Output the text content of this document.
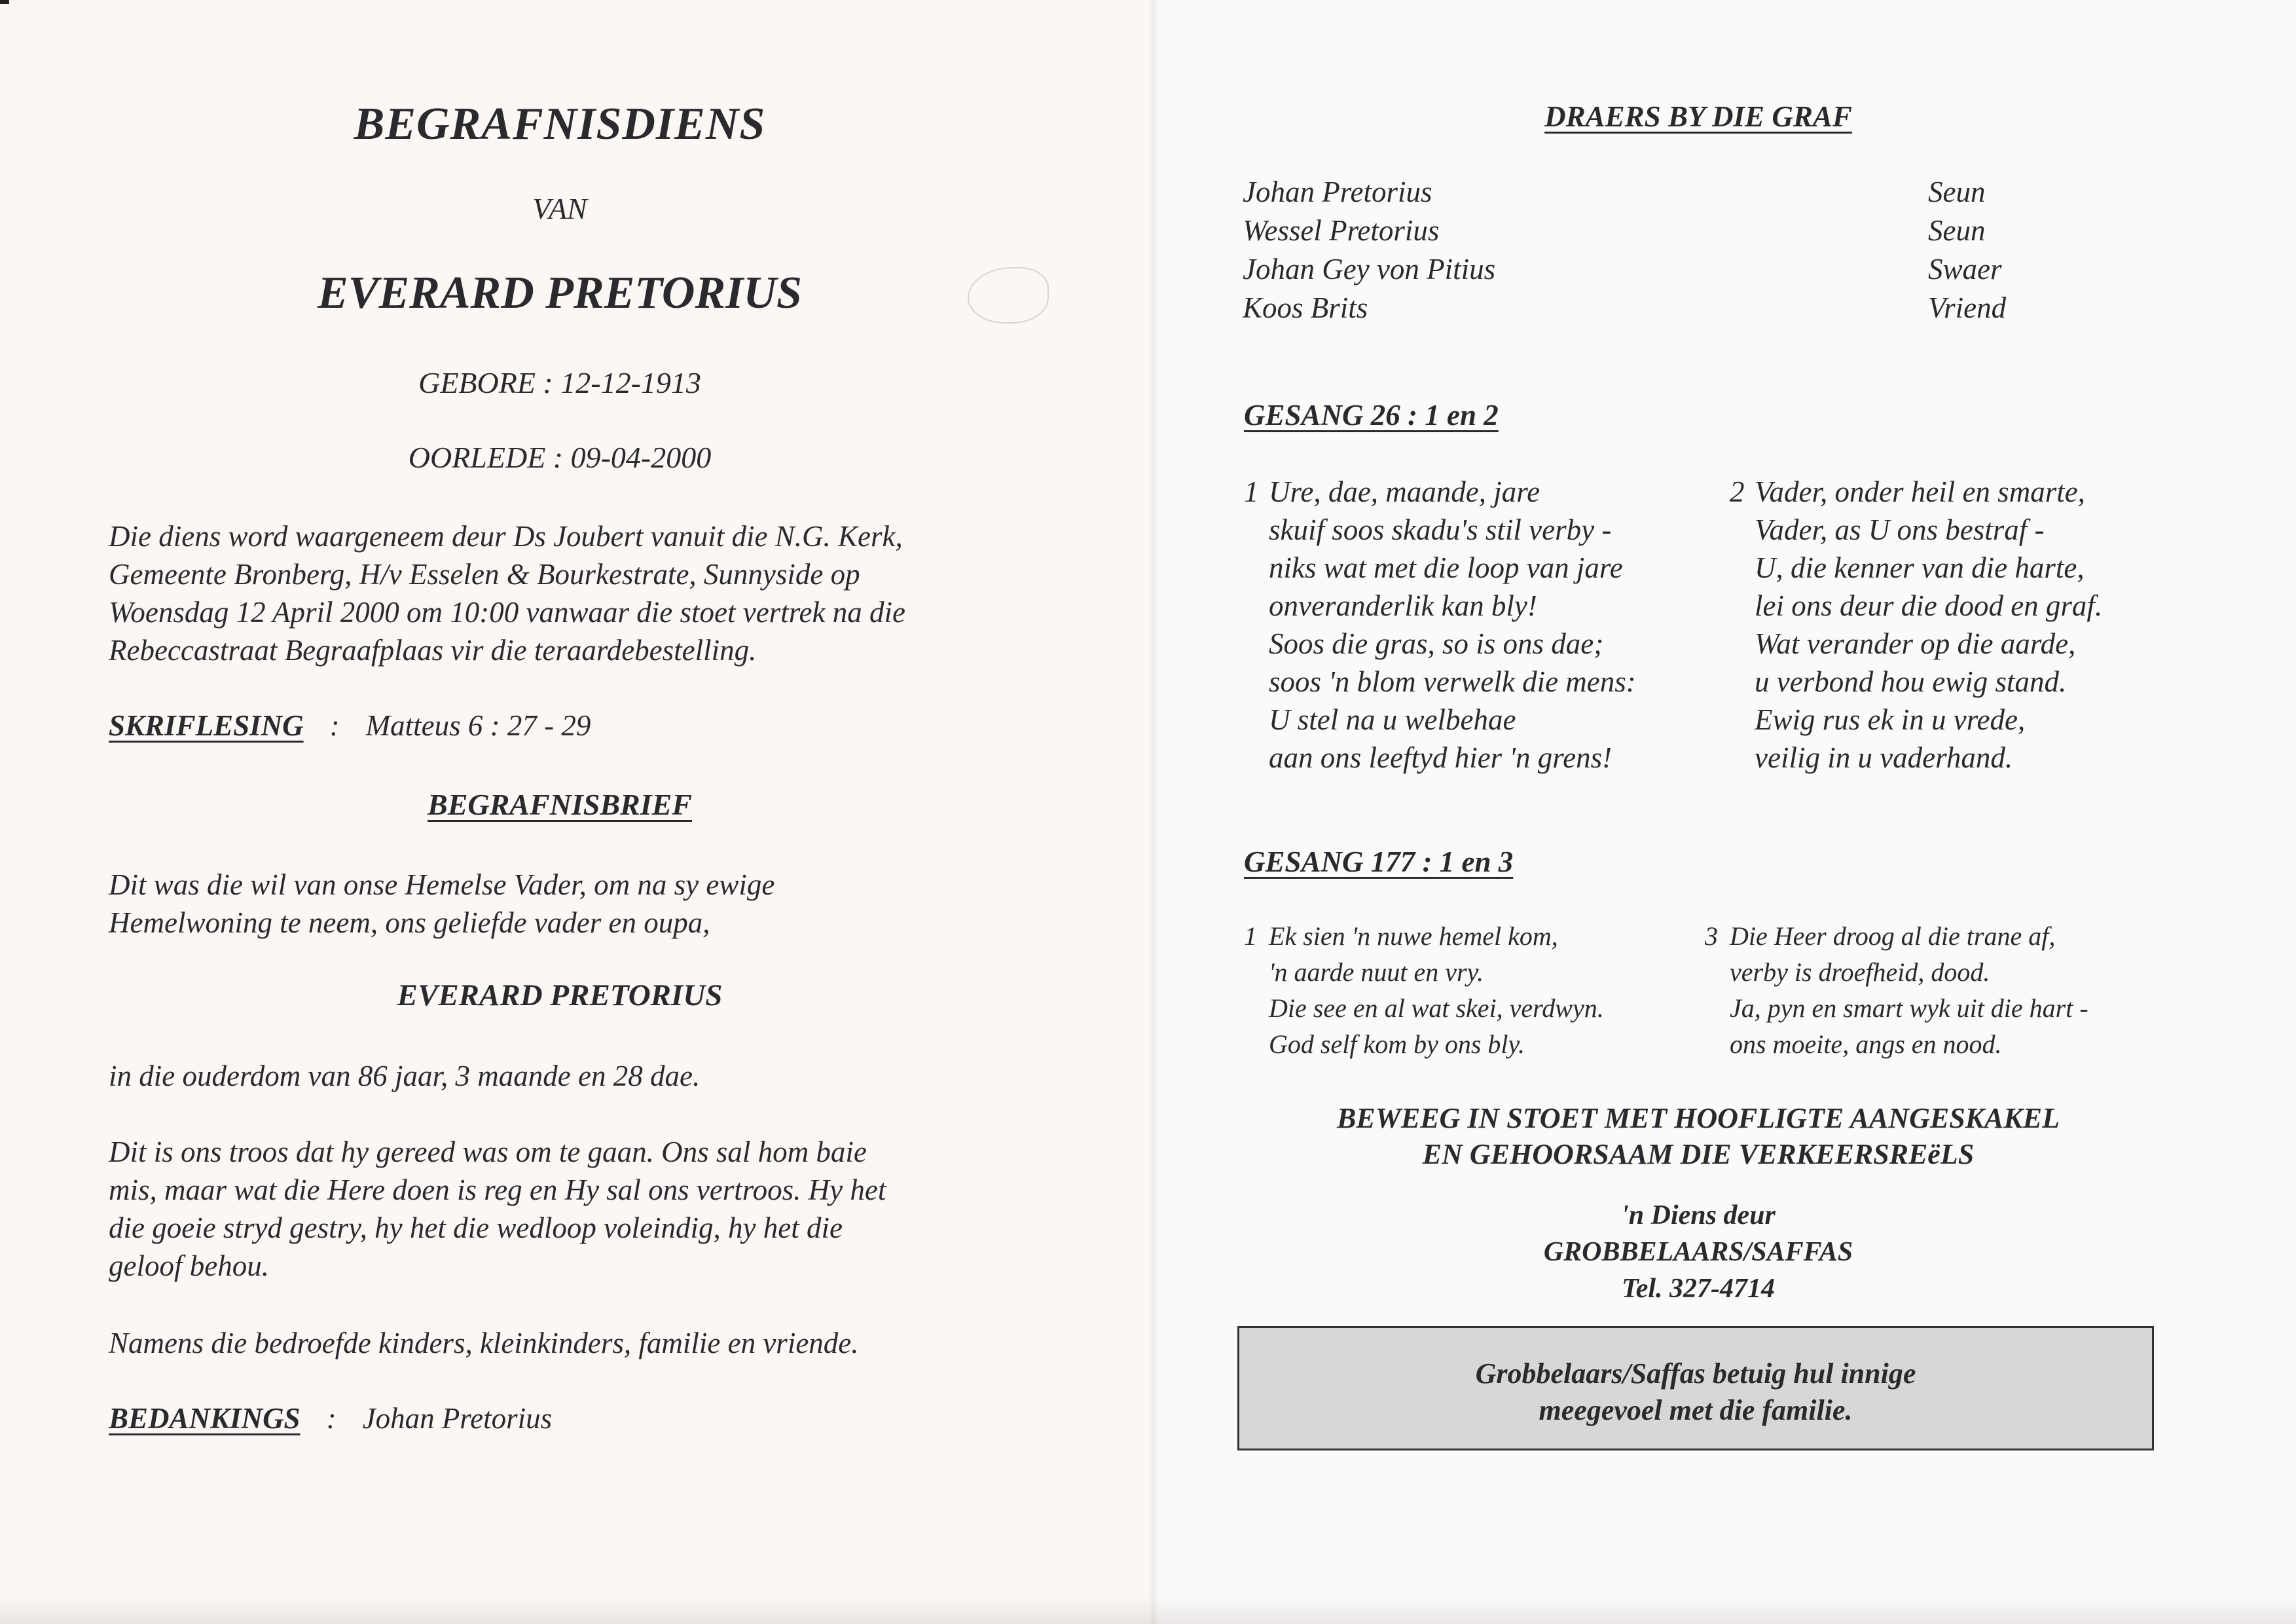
BEGRAFNISDIENS
VAN
EVERARD PRETORIUS
GEBORE : 12-12-1913
OORLEDE : 09-04-2000
Die diens word waargeneem deur Ds Joubert vanuit die N.G. Kerk,
Gemeente Bronberg, H/v Esselen & Bourkestrate, Sunnyside op
Woensdag 12 April 2000 om 10:00 vanwaar die stoet vertrek na die
Rebeccastraat Begraafplaas vir die teraardebestelling.
SKRIFLESING : Matteus 6 : 27 - 29
BEGRAFNISBRIEF
Dit was die wil van onse Hemelse Vader, om na sy ewige
Hemelwoning te neem, ons geliefde vader en oupa,
EVERARD PRETORIUS
in die ouderdom van 86 jaar, 3 maande en 28 dae.
Dit is ons troos dat hy gereed was om te gaan. Ons sal hom baie
mis, maar wat die Here doen is reg en Hy sal ons vertroos. Hy het
die goeie stryd gestry, hy het die wedloop voleindig, hy het die
geloof behou.
Namens die bedroefde kinders, kleinkinders, familie en vriende.
BEDANKINGS : Johan Pretorius
DRAERS BY DIE GRAF
Johan Pretorius
Wessel Pretorius
Johan Gey von Pitius
Koos Brits
Seun
Seun
Swaer
Vriend
GESANG 26 : 1 en 2
1 Ure, dae, maande, jare
skuif soos skadu's stil verby -
niks wat met die loop van jare
onveranderlik kan bly!
Soos die gras, so is ons dae;
soos 'n blom verwelk die mens:
U stel na u welbehae
aan ons leeftyd hier 'n grens!
2 Vader, onder heil en smarte,
Vader, as U ons bestraf -
U, die kenner van die harte,
lei ons deur die dood en graf.
Wat verander op die aarde,
u verbond hou ewig stand.
Ewig rus ek in u vrede,
veilig in u vaderhand.
GESANG 177 : 1 en 3
1 Ek sien 'n nuwe hemel kom,
'n aarde nuut en vry.
Die see en al wat skei, verdwyn.
God self kom by ons bly.
3 Die Heer droog al die trane af,
verby is droefheid, dood.
Ja, pyn en smart wyk uit die hart -
ons moeite, angs en nood.
BEWEEG IN STOET MET HOOFLIGTE AANGESKAKEL
EN GEHOORSAAM DIE VERKEERSREëLS
'n Diens deur
GROBBELAARS/SAFFAS
Tel. 327-4714
Grobbelaars/Saffas betuig hul innige
meegevoel met die familie.
